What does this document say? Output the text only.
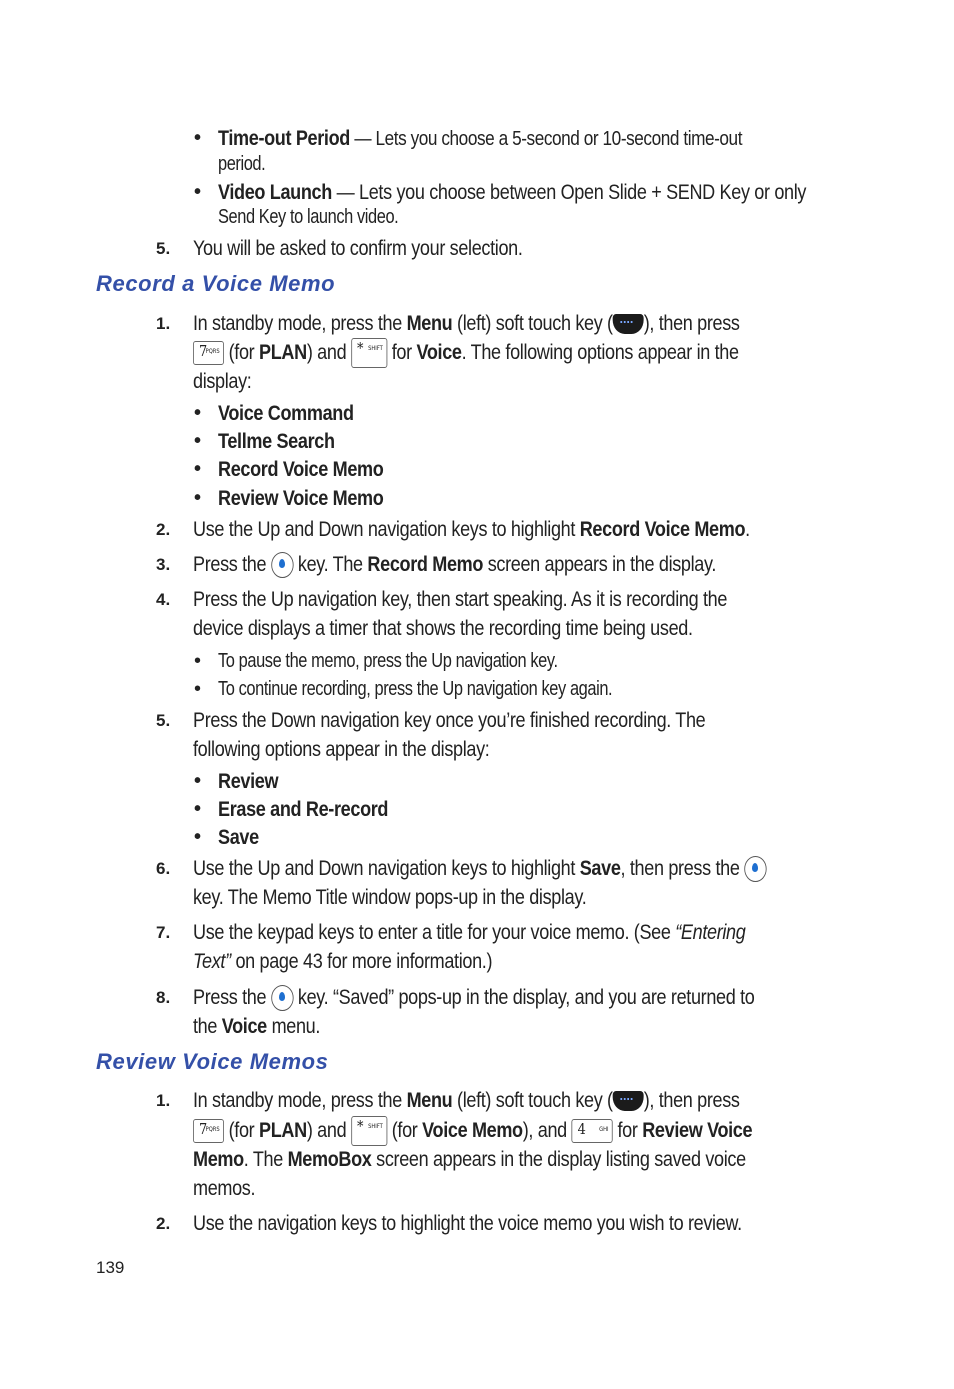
• Time-out Period — Lets you choose a 5-second or 10-second time-out
period.
• Video Launch — Lets you choose between Open Slide + SEND Key or only
Send Key to launch video.
5. You will be asked to confirm your selection.
Record a Voice Memo
1. In standby mode, press the Menu (left) soft touch key ( ), then press
7
PQRS (for PLAN) and * SHIFT for Voice. The following options appear in the
display:
• Voice Command
• Tellme Search
• Record Voice Memo
• Review Voice Memo
2. Use the Up and Down navigation keys to highlight Record Voice Memo.
3. Press the  key. The Record Memo screen appears in the display.
4. Press the Up navigation key, then start speaking. As it is recording the
device displays a timer that shows the recording time being used.
• To pause the memo, press the Up navigation key.
• To continue recording, press the Up navigation key again.
5. Press the Down navigation key once you’re finished recording. The
following options appear in the display:
• Review
• Erase and Re-record
• Save
6. Use the Up and Down navigation keys to highlight Save, then press the
key. The Memo Title window pops-up in the display.
7. Use the keypad keys to enter a title for your voice memo. (See “Entering
Text” on page 43 for more information.)
8. Press the  key. “Saved” pops-up in the display, and you are returned to
the Voice menu.
Review Voice Memos
1. In standby mode, press the Menu (left) soft touch key ( ), then press
7
PQRS (for PLAN) and * SHIFT (for Voice Memo), and 4 GHI for Review Voice
Memo. The MemoBox screen appears in the display listing saved voice
memos.
2. Use the navigation keys to highlight the voice memo you wish to review.
139
